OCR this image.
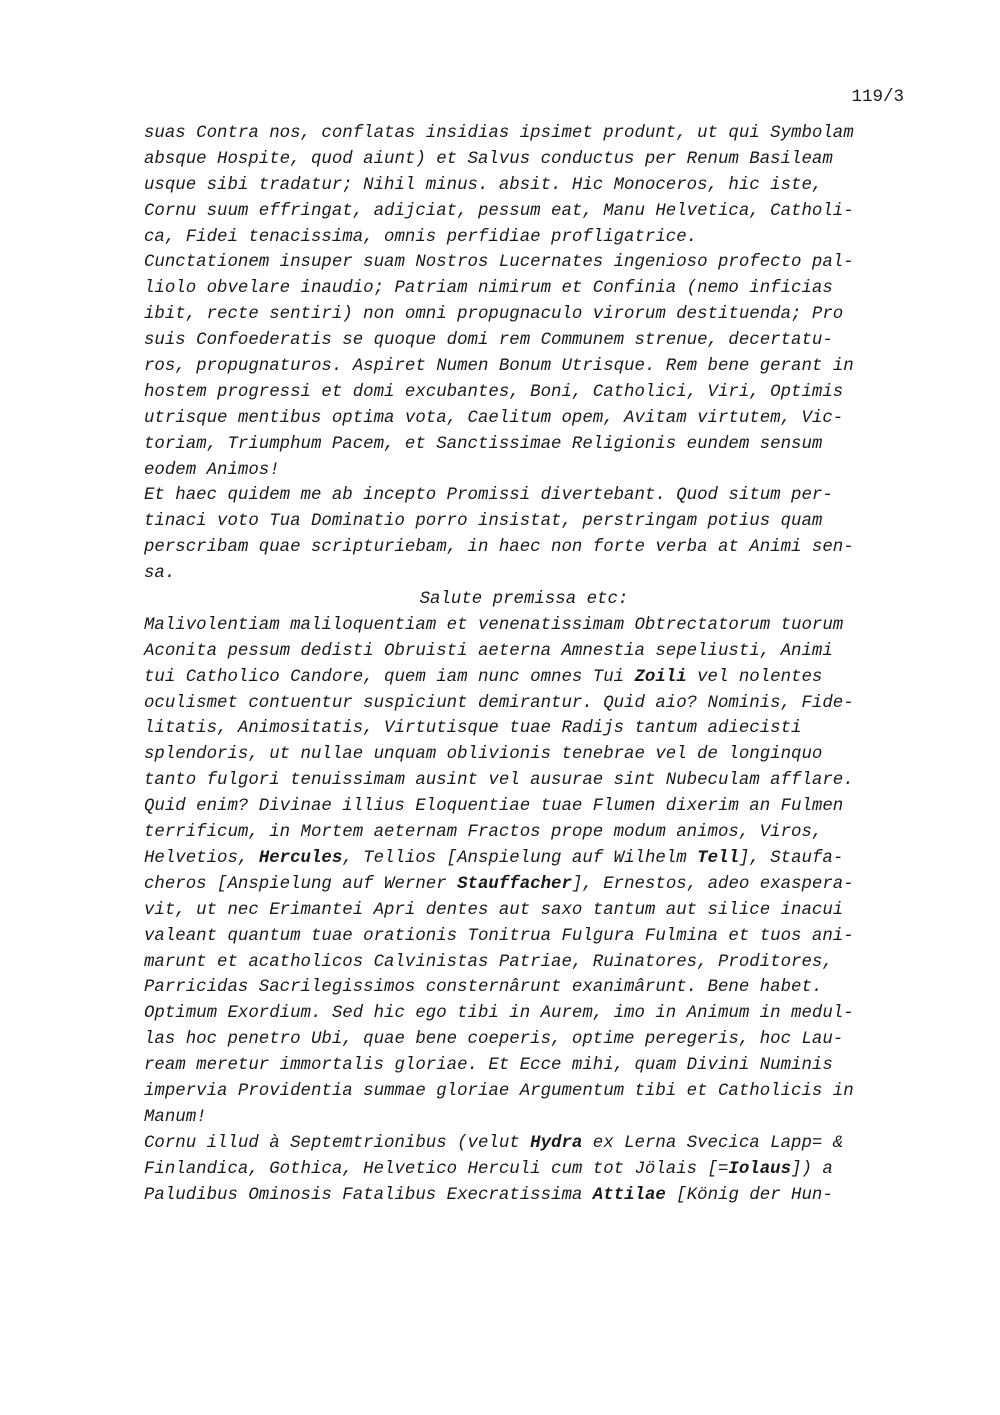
119/3
suas Contra nos, conflatas insidias ipsimet produnt, ut qui Symbolam
absque Hospite, quod aiunt) et Salvus conductus per Renum Basileam
usque sibi tradatur; Nihil minus. absit. Hic Monoceros, hic iste,
Cornu suum effringat, adijciat, pessum eat, Manu Helvetica, Catholi-
ca, Fidei tenacissima, omnis perfidiae profligatrice.
Cunctationem insuper suam Nostros Lucernates ingenioso profecto pal-
liolo obvelare inaudio; Patriam nimirum et Confinia (nemo inficias
ibit, recte sentiri) non omni propugnaculo virorum destituenda; Pro
suis Confoederatis se quoque domi rem Communem strenue, decertatu-
ros, propugnaturos. Aspiret Numen Bonum Utrisque. Rem bene gerant in
hostem progressi et domi excubantes, Boni, Catholici, Viri, Optimis
utrisque mentibus optima vota, Caelitum opem, Avitam virtutem, Vic-
toriam, Triumphum Pacem, et Sanctissimae Religionis eundem sensum
eodem Animos!
Et haec quidem me ab incepto Promissi divertebant. Quod situm per-
tinaci voto Tua Dominatio porro insistat, perstringam potius quam
perscribam quae scripturiebam, in haec non forte verba at Animi sen-
sa.
Salute premissa etc:
Malivolentiam maliloquentiam et venenatissimam Obtrectatorum tuorum
Aconita pessum dedisti Obruisti aeterna Amnestia sepeliusti, Animi
tui Catholico Candore, quem iam nunc omnes Tui Zoili vel nolentes
oculismet contuentur suspiciunt demirantur. Quid aio? Nominis, Fide-
litatis, Animositatis, Virtutisque tuae Radijs tantum adiecisti
splendoris, ut nullae unquam oblivionis tenebrae vel de longinquo
tanto fulgori tenuissimam ausint vel ausurae sint Nubeculam afflare.
Quid enim? Divinae illius Eloquentiae tuae Flumen dixerim an Fulmen
terrificum, in Mortem aeternam Fractos prope modum animos, Viros,
Helvetios, Hercules, Tellios [Anspielung auf Wilhelm Tell], Staufa-
cheros [Anspielung auf Werner Stauffacher], Ernestos, adeo exaspera-
vit, ut nec Erimantei Apri dentes aut saxo tantum aut silice inacui
valeant quantum tuae orationis Tonitrua Fulgura Fulmina et tuos ani-
marunt et acatholicos Calvinistas Patriae, Ruinatores, Proditores,
Parricidas Sacrilegissimos consternârunt exanimârunt. Bene habet.
Optimum Exordium. Sed hic ego tibi in Aurem, imo in Animum in medul-
las hoc penetro Ubi, quae bene coeperis, optime peregeris, hoc Lau-
ream meretur immortalis gloriae. Et Ecce mihi, quam Divini Numinis
impervia Providentia summae gloriae Argumentum tibi et Catholicis in
Manum!
Cornu illud à Septemtrionibus (velut Hydra ex Lerna Svecica Lapp= &
Finlandica, Gothica, Helvetico Herculi cum tot Jölais [=Iolaus]) a
Paludibus Ominosis Fatalibus Execratissima Attilae [König der Hun-
